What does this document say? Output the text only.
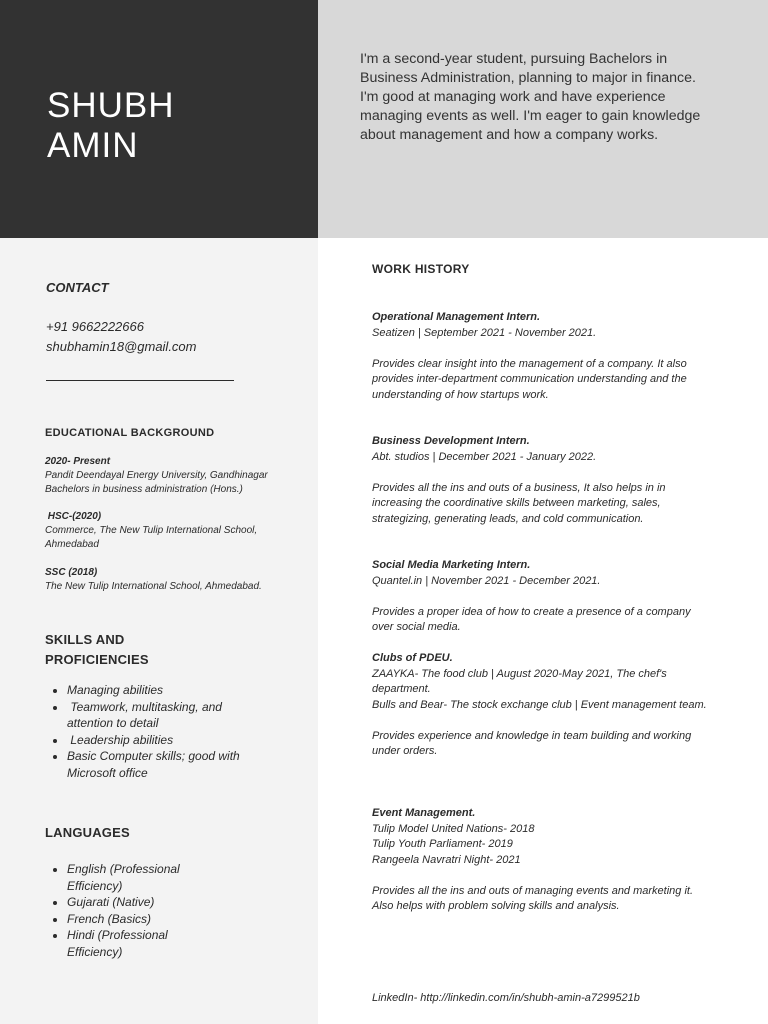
SHUBH
AMIN

I'm a second-year student, pursuing Bachelors in Business Administration, planning to major in finance. I'm good at managing work and have experience managing events as well. I'm eager to gain knowledge about management and how a company works.

CONTACT

+91 9662222666

shubhamin18@gmail.com

EDUCATIONAL BACKGROUND

2020- Present
Pandit Deendayal Energy University, Gandhinagar
Bachelors in business administration (Hons.)
HSC-(2020)
Commerce, The New Tulip International School,
Ahmedabad
SSC (2018)
The New Tulip International School, Ahmedabad.
SKILLS AND
PROFICIENCIES
• Managing abilities
•  Teamwork, multitasking, and attention to detail
•  Leadership abilities
• Basic Computer skills; good with Microsoft office

LANGUAGES

• English (Professional Efficiency)
• Gujarati (Native)
• French (Basics)
• Hindi (Professional Efficiency)

WORK HISTORY

Operational Management Intern.

Seatizen | September 2021 - November 2021.

Provides clear insight into the management of a company. It also provides inter-department communication understanding and the understanding of how startups work.

Business Development Intern.

Abt. studios | December 2021 - January 2022.

Provides all the ins and outs of a business, It also helps in in increasing the coordinative skills between marketing, sales, strategizing, generating leads, and cold communication.

Social Media Marketing Intern.

Quantel.in | November 2021 - December 2021.

Provides a proper idea of how to create a presence of a company over social media.

Clubs of PDEU.

ZAAYKA- The food club | August 2020-May 2021, The chef's department.

Bulls and Bear- The stock exchange club | Event management team.

Provides experience and knowledge in team building and working under orders.

Event Management.

Tulip Model United Nations- 2018

Tulip Youth Parliament- 2019

Rangeela Navratri Night- 2021

Provides all the ins and outs of managing events and marketing it. Also helps with problem solving skills and analysis.

LinkedIn- http://linkedin.com/in/shubh-amin-a7299521b
